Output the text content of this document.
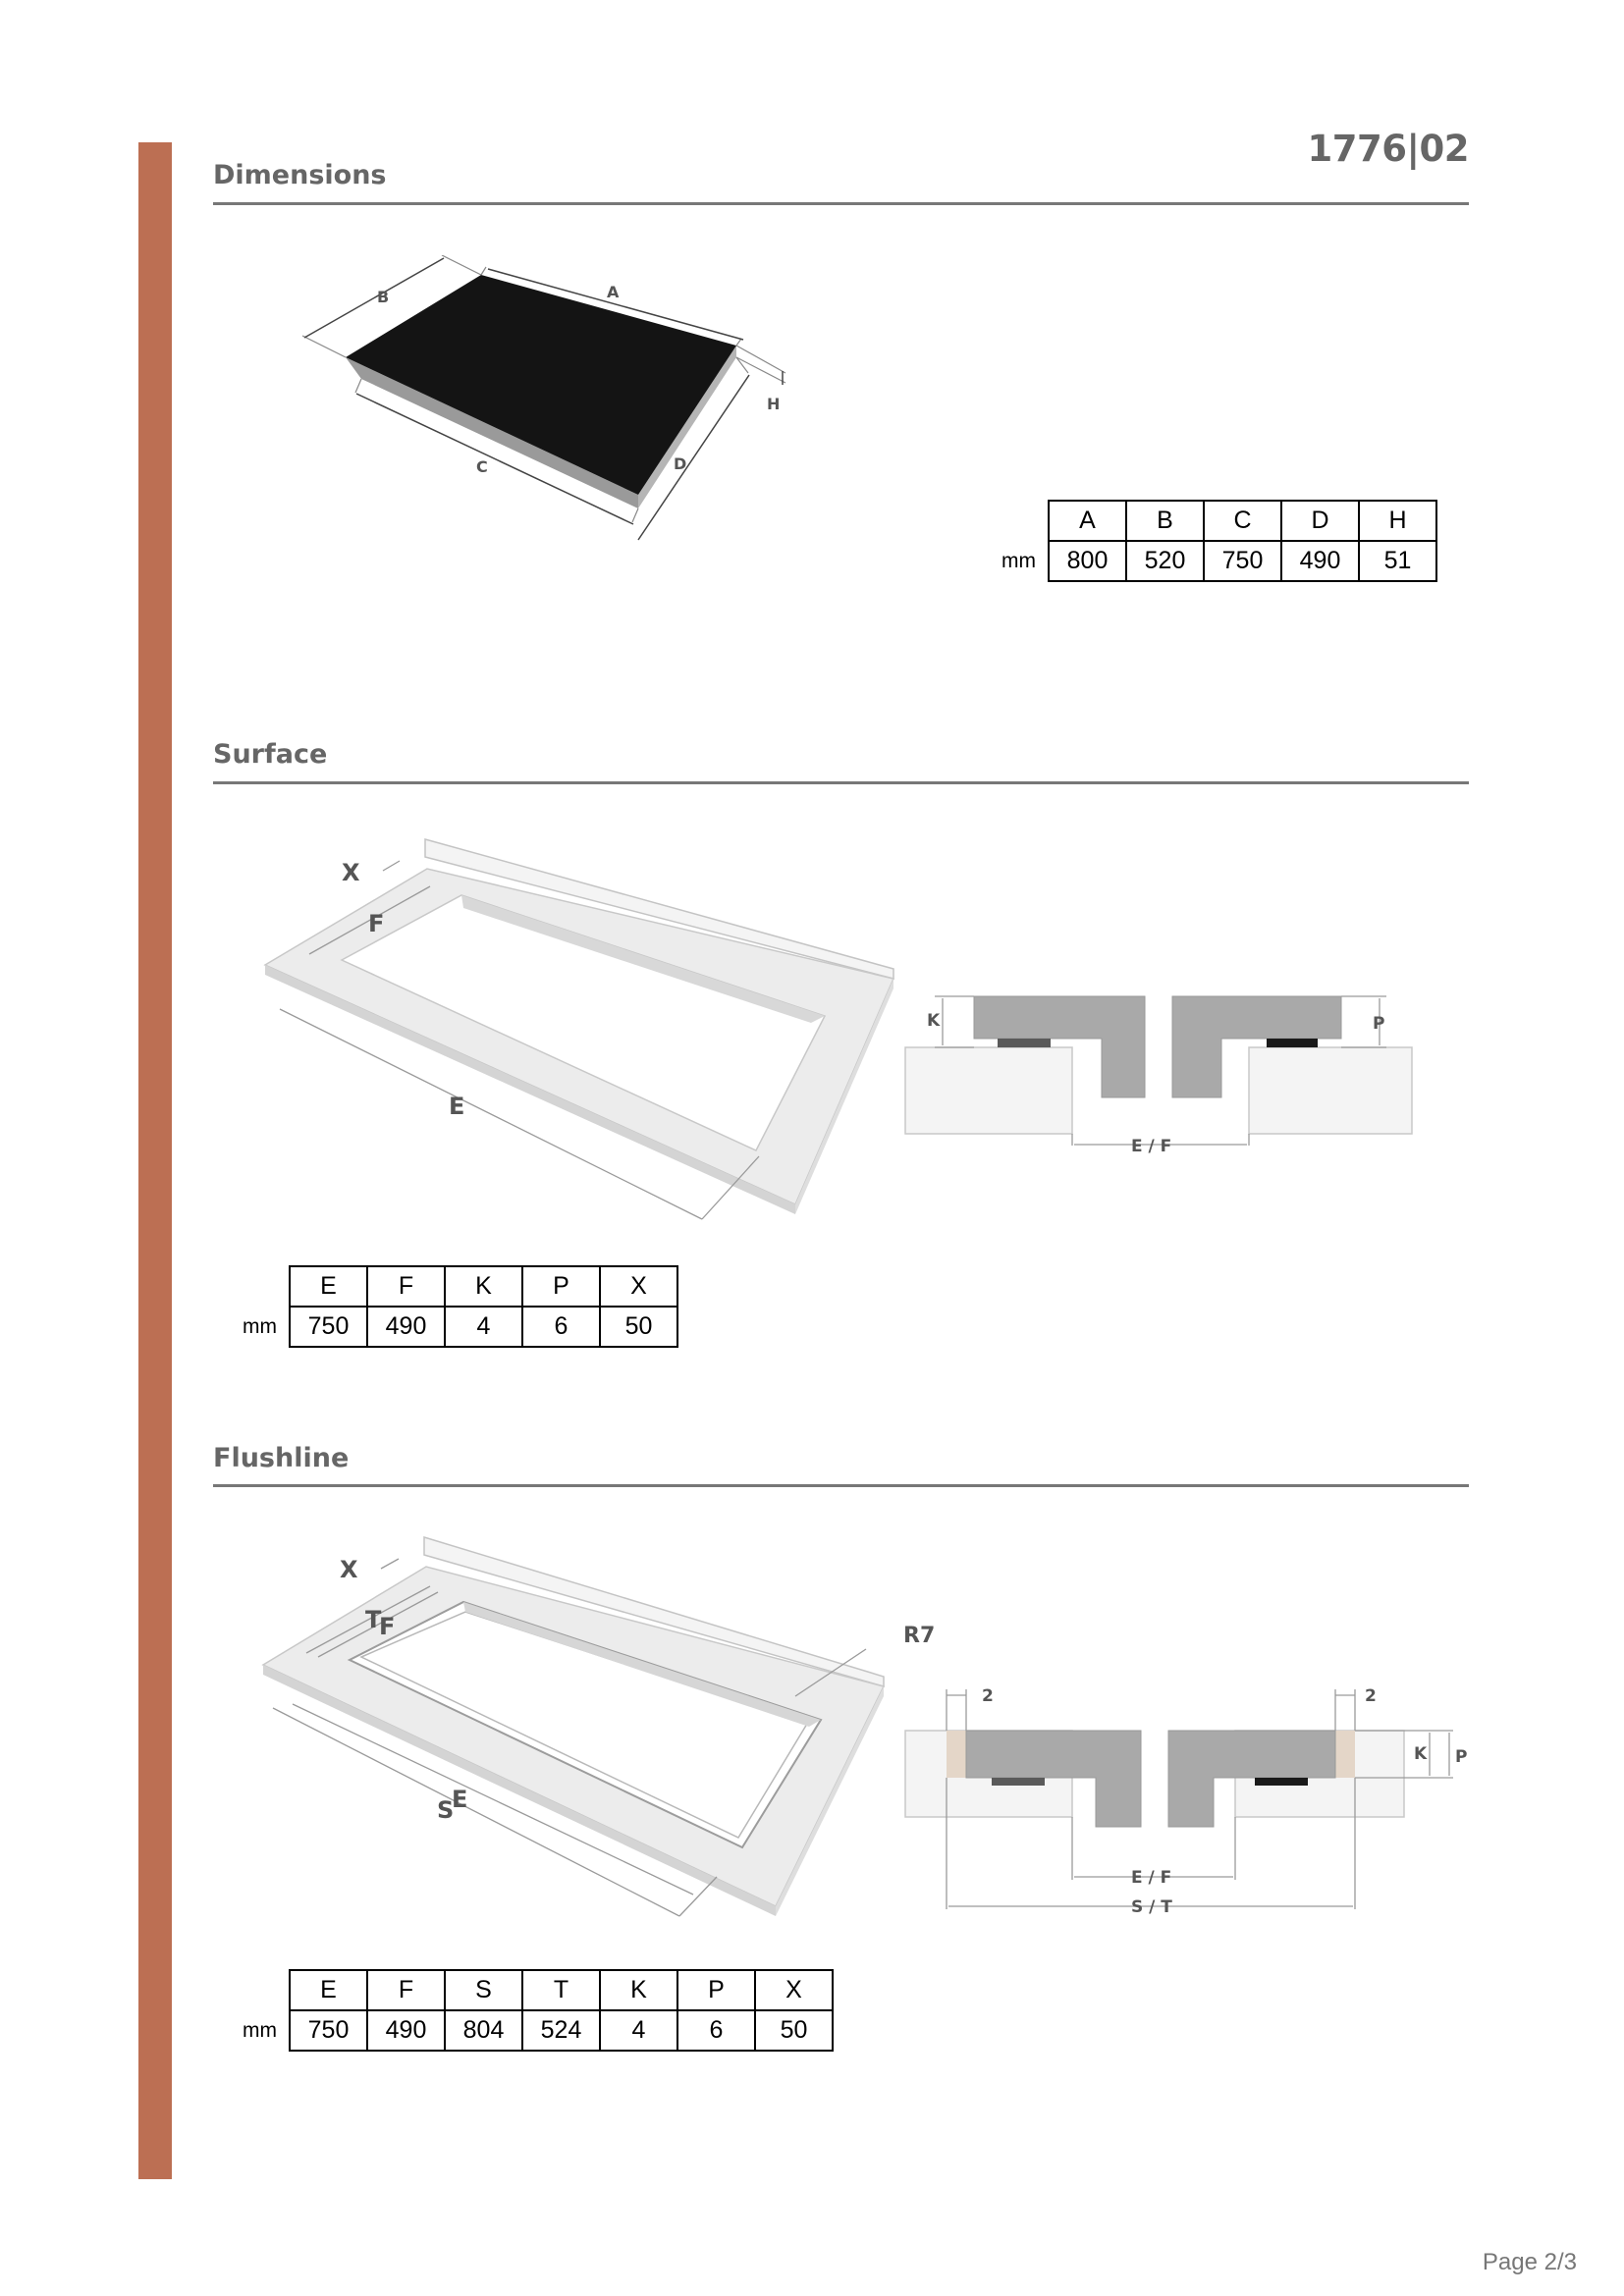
1776|02
Dimensions
B	A
H
C	D
	A	B	C	D	H
mm	800	520	750	490	51
Surface
X
F
E
K	P
E / F
	E	F	K	P	X
mm	750	490	4	6	50
Flushline
X
T
F
S
E
R7
2	2
K P
E / F
S / T
	E	F	S	T	K	P	X
mm	750	490	804	524	4	6	50
Page 2/3
